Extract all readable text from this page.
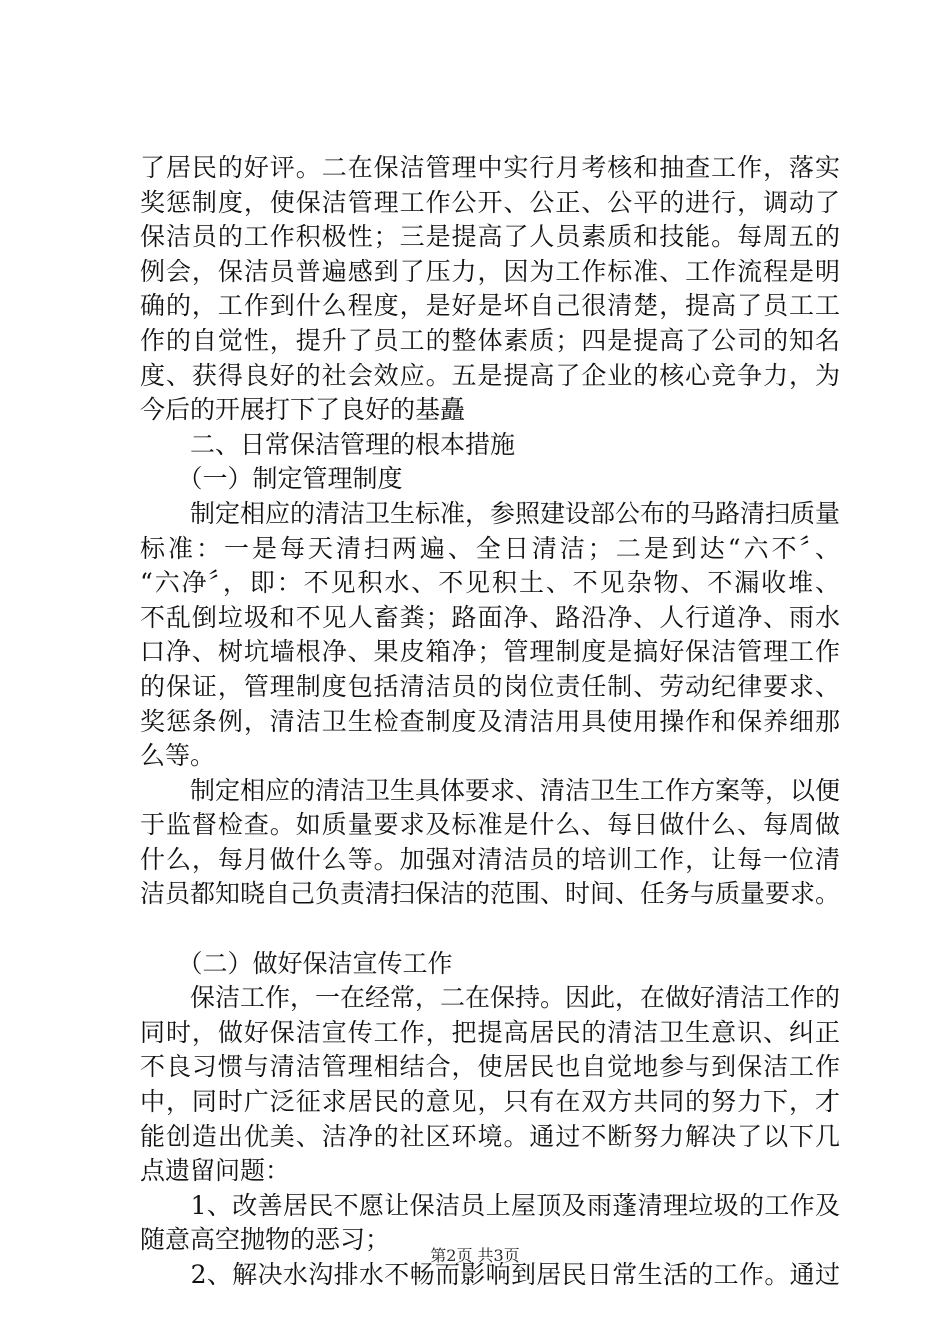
了居民的好评。二在保洁管理中实行月考核和抽查工作，落实
奖惩制度，使保洁管理工作公开、公正、公平的进行，调动了
保洁员的工作积极性；三是提高了人员素质和技能。每周五的
例会，保洁员普遍感到了压力，因为工作标准、工作流程是明
确的，工作到什么程度，是好是坏自己很清楚，提高了员工工
作的自觉性，提升了员工的整体素质；四是提高了公司的知名
度、获得良好的社会效应。五是提高了企业的核心竞争力，为
今后的开展打下了良好的基矗
　　二、日常保洁管理的根本措施
　　（一）制定管理制度
　　制定相应的清洁卫生标准，参照建设部公布的马路清扫质量
标准：一是每天清扫两遍、全日清洁；二是到达“六不〞、
“六净〞，即：不见积水、不见积土、不见杂物、不漏收堆、
不乱倒垃圾和不见人畜粪；路面净、路沿净、人行道净、雨水
口净、树坑墙根净、果皮箱净；管理制度是搞好保洁管理工作
的保证，管理制度包括清洁员的岗位责任制、劳动纪律要求、
奖惩条例，清洁卫生检查制度及清洁用具使用操作和保养细那
么等。
　　制定相应的清洁卫生具体要求、清洁卫生工作方案等，以便
于监督检查。如质量要求及标准是什么、每日做什么、每周做
什么，每月做什么等。加强对清洁员的培训工作，让每一位清
洁员都知晓自己负责清扫保洁的范围、时间、任务与质量要求。
　　（二）做好保洁宣传工作
　　保洁工作，一在经常，二在保持。因此，在做好清洁工作的
同时，做好保洁宣传工作，把提高居民的清洁卫生意识、纠正
不良习惯与清洁管理相结合，使居民也自觉地参与到保洁工作
中，同时广泛征求居民的意见，只有在双方共同的努力下，才
能创造出优美、洁净的社区环境。通过不断努力解决了以下几
点遗留问题：
　　1、改善居民不愿让保洁员上屋顶及雨蓬清理垃圾的工作及
随意高空抛物的恶习；
　　2、解决水沟排水不畅而影响到居民日常生活的工作。通过
第2页 共3页
